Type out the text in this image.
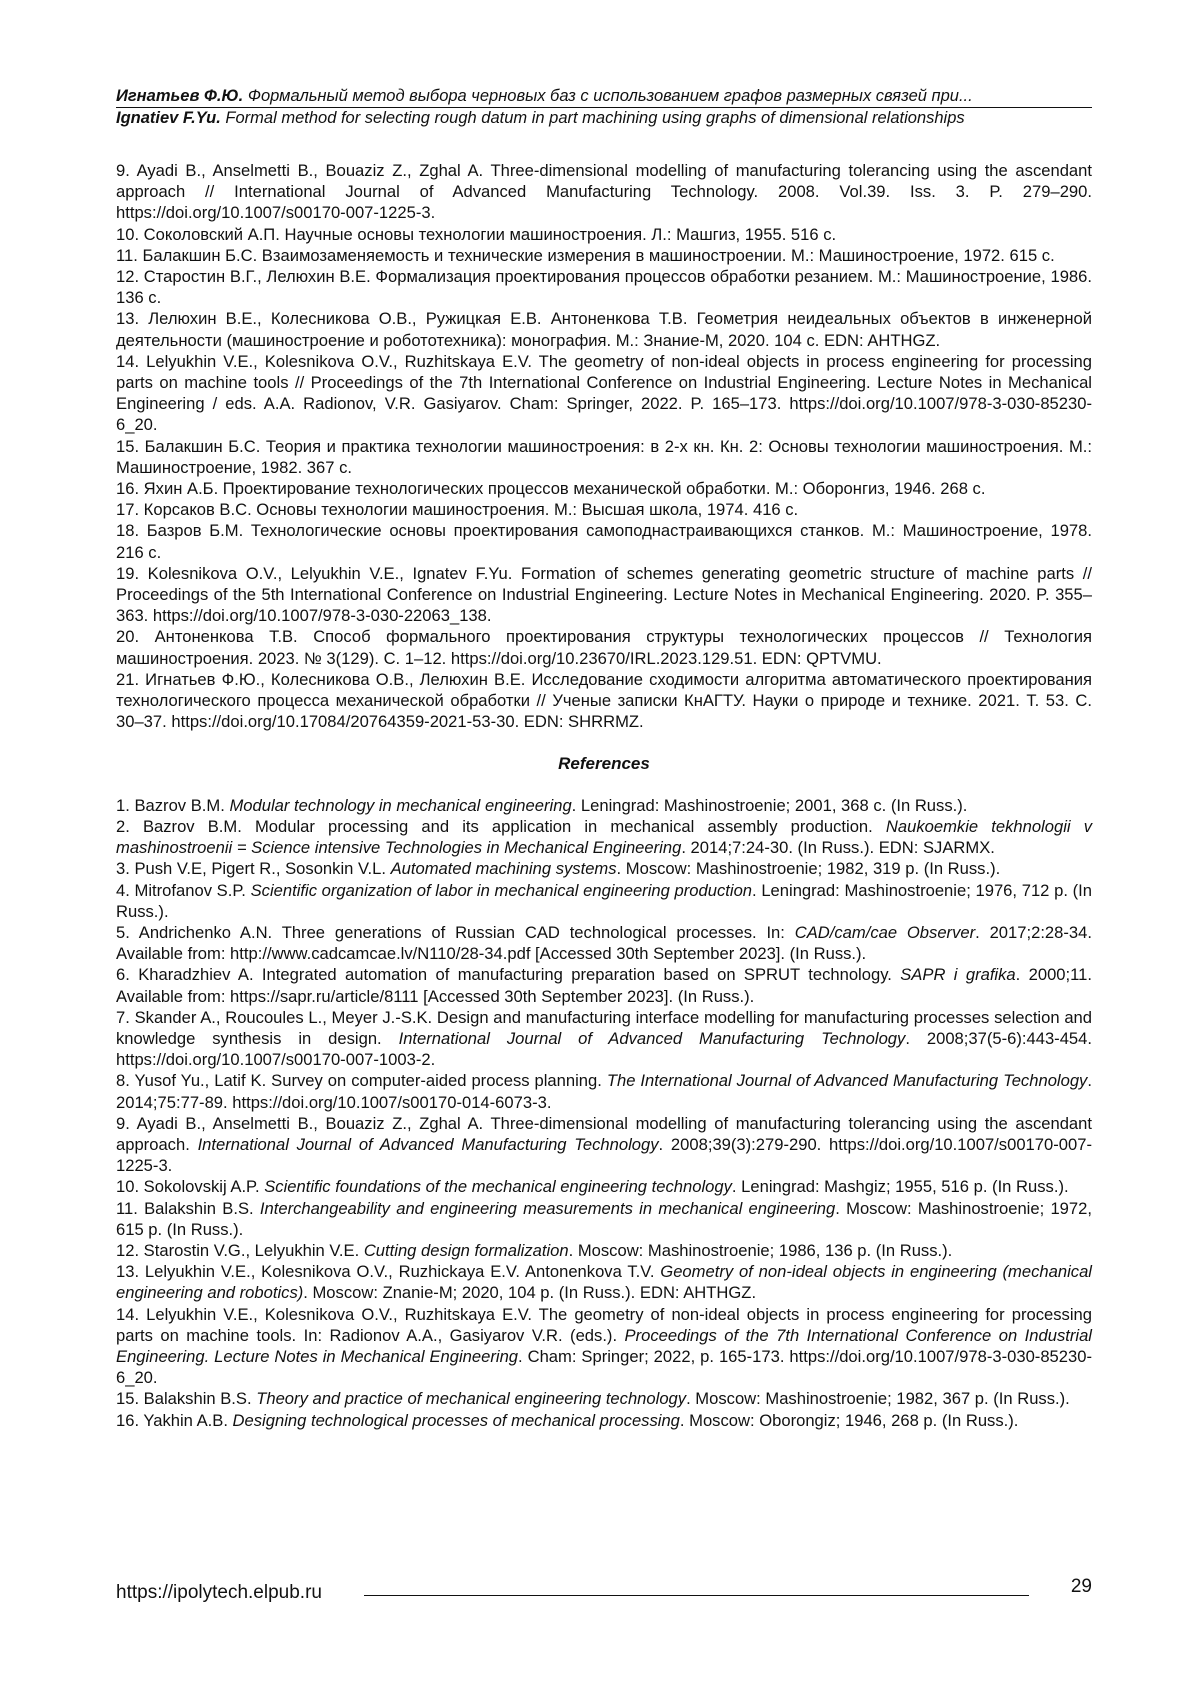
Игнатьев Ф.Ю. Формальный метод выбора черновых баз с использованием графов размерных связей при...
Ignatiev F.Yu. Formal method for selecting rough datum in part machining using graphs of dimensional relationships

9. Ayadi B., Anselmetti B., Bouaziz Z., Zghal A. Three-dimensional modelling of manufacturing tolerancing using the ascendant approach // International Journal of Advanced Manufacturing Technology. 2008. Vol.39. Iss. 3. P. 279–290. https://doi.org/10.1007/s00170-007-1225-3.

10. Соколовский А.П. Научные основы технологии машиностроения. Л.: Машгиз, 1955. 516 с.

11. Балакшин Б.С. Взаимозаменяемость и технические измерения в машиностроении. М.: Машиностроение, 1972. 615 с.

12. Старостин В.Г., Лелюхин В.Е. Формализация проектирования процессов обработки резанием. М.: Машиностроение, 1986. 136 с.

13. Лелюхин В.Е., Колесникова О.В., Ружицкая Е.В. Антоненкова Т.В. Геометрия неидеальных объектов в инженерной деятельности (машиностроение и робототехника): монография. М.: Знание-М, 2020. 104 с. EDN: AHTHGZ.

14. Lelyukhin V.E., Kolesnikova O.V., Ruzhitskaya E.V. The geometry of non-ideal objects in process engineering for processing parts on machine tools // Proceedings of the 7th International Conference on Industrial Engineering. Lecture Notes in Mechanical Engineering / eds. A.A. Radionov, V.R. Gasiyarov. Cham: Springer, 2022. P. 165–173. https://doi.org/10.1007/978-3-030-85230-6_20.

15. Балакшин Б.С. Теория и практика технологии машиностроения: в 2-х кн. Кн. 2: Основы технологии машиностроения. М.: Машиностроение, 1982. 367 с.

16. Яхин А.Б. Проектирование технологических процессов механической обработки. М.: Оборонгиз, 1946. 268 с.

17. Корсаков В.С. Основы технологии машиностроения. М.: Высшая школа, 1974. 416 с.

18. Базров Б.М. Технологические основы проектирования самоподнастраивающихся станков. М.: Машиностроение, 1978. 216 с.

19. Kolesnikova O.V., Lelyukhin V.E., Ignatev F.Yu. Formation of schemes generating geometric structure of machine parts // Proceedings of the 5th International Conference on Industrial Engineering. Lecture Notes in Mechanical Engineering. 2020. P. 355–363. https://doi.org/10.1007/978-3-030-22063_138.

20. Антоненкова Т.В. Способ формального проектирования структуры технологических процессов // Технология машиностроения. 2023. № 3(129). С. 1–12. https://doi.org/10.23670/IRL.2023.129.51. EDN: QPTVMU.

21. Игнатьев Ф.Ю., Колесникова О.В., Лелюхин В.Е. Исследование сходимости алгоритма автоматического проектирования технологического процесса механической обработки // Ученые записки КнАГТУ. Науки о природе и технике. 2021. Т. 53. С. 30–37. https://doi.org/10.17084/20764359-2021-53-30. EDN: SHRRMZ.

References

1. Bazrov B.M. Modular technology in mechanical engineering. Leningrad: Mashinostroenie; 2001, 368 c. (In Russ.).

2. Bazrov B.M. Modular processing and its application in mechanical assembly production. Naukoemkie tekhnologii v mashinostroenii = Science intensive Technologies in Mechanical Engineering. 2014;7:24-30. (In Russ.). EDN: SJARMX.

3. Push V.E, Pigert R., Sosonkin V.L. Automated machining systems. Moscow: Mashinostroenie; 1982, 319 p. (In Russ.).

4. Mitrofanov S.P. Scientific organization of labor in mechanical engineering production. Leningrad: Mashinostroenie; 1976, 712 p. (In Russ.).

5. Andrichenko A.N. Three generations of Russian CAD technological processes. In: CAD/cam/cae Observer. 2017;2:28-34. Available from: http://www.cadcamcae.lv/N110/28-34.pdf [Accessed 30th September 2023]. (In Russ.).

6. Kharadzhiev A. Integrated automation of manufacturing preparation based on SPRUT technology. SAPR i grafika. 2000;11. Available from: https://sapr.ru/article/8111 [Accessed 30th September 2023]. (In Russ.).

7. Skander A., Roucoules L., Meyer J.-S.K. Design and manufacturing interface modelling for manufacturing processes selection and knowledge synthesis in design. International Journal of Advanced Manufacturing Technology. 2008;37(5-6):443-454. https://doi.org/10.1007/s00170-007-1003-2.

8. Yusof Yu., Latif K. Survey on computer-aided process planning. The International Journal of Advanced Manufacturing Technology. 2014;75:77-89. https://doi.org/10.1007/s00170-014-6073-3.

9. Ayadi B., Anselmetti B., Bouaziz Z., Zghal A. Three-dimensional modelling of manufacturing tolerancing using the ascendant approach. International Journal of Advanced Manufacturing Technology. 2008;39(3):279-290. https://doi.org/10.1007/s00170-007-1225-3.

10. Sokolovskij A.P. Scientific foundations of the mechanical engineering technology. Leningrad: Mashgiz; 1955, 516 p. (In Russ.).

11. Balakshin B.S. Interchangeability and engineering measurements in mechanical engineering. Moscow: Mashinostroenie; 1972, 615 p. (In Russ.).

12. Starostin V.G., Lelyukhin V.E. Cutting design formalization. Moscow: Mashinostroenie; 1986, 136 p. (In Russ.).

13. Lelyukhin V.E., Kolesnikova O.V., Ruzhickaya E.V. Antonenkova T.V. Geometry of non-ideal objects in engineering (mechanical engineering and robotics). Moscow: Znanie-M; 2020, 104 p. (In Russ.). EDN: AHTHGZ.

14. Lelyukhin V.E., Kolesnikova O.V., Ruzhitskaya E.V. The geometry of non-ideal objects in process engineering for processing parts on machine tools. In: Radionov A.A., Gasiyarov V.R. (eds.). Proceedings of the 7th International Conference on Industrial Engineering. Lecture Notes in Mechanical Engineering. Cham: Springer; 2022, p. 165-173. https://doi.org/10.1007/978-3-030-85230-6_20.

15. Balakshin B.S. Theory and practice of mechanical engineering technology. Moscow: Mashinostroenie; 1982, 367 p. (In Russ.).

16. Yakhin A.B. Designing technological processes of mechanical processing. Moscow: Oborongiz; 1946, 268 p. (In Russ.).

https://ipolytech.elpub.ru	29
